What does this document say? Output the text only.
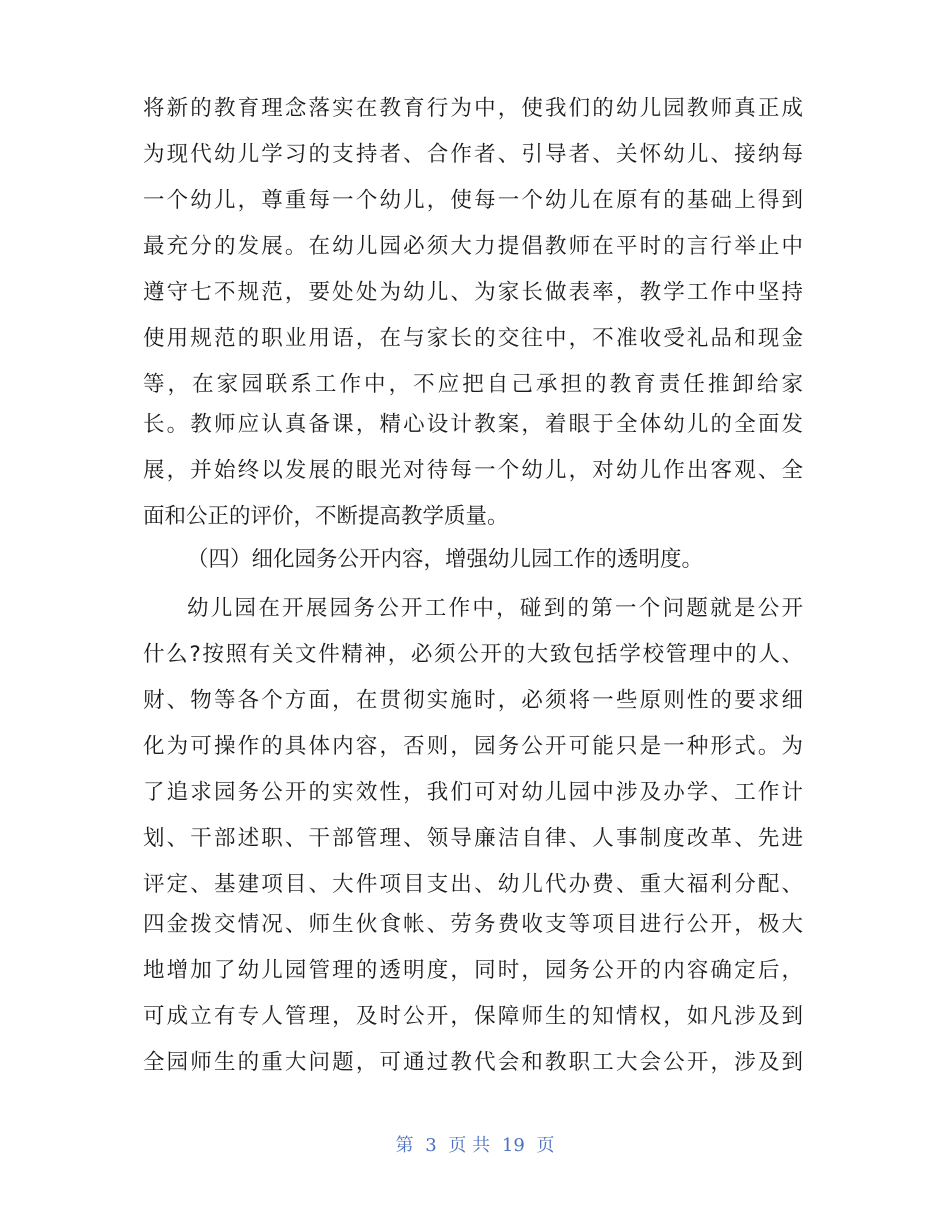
将新的教育理念落实在教育行为中，使我们的幼儿园教师真正成
为现代幼儿学习的支持者、合作者、引导者、关怀幼儿、接纳每
一个幼儿，尊重每一个幼儿，使每一个幼儿在原有的基础上得到
最充分的发展。在幼儿园必须大力提倡教师在平时的言行举止中
遵守七不规范，要处处为幼儿、为家长做表率，教学工作中坚持
使用规范的职业用语，在与家长的交往中，不准收受礼品和现金
等，在家园联系工作中，不应把自己承担的教育责任推卸给家
长。教师应认真备课，精心设计教案，着眼于全体幼儿的全面发
展，并始终以发展的眼光对待每一个幼儿，对幼儿作出客观、全
面和公正的评价，不断提高教学质量。
（四）细化园务公开内容，增强幼儿园工作的透明度。
幼儿园在开展园务公开工作中，碰到的第一个问题就是公开
什么?按照有关文件精神，必须公开的大致包括学校管理中的人、
财、物等各个方面，在贯彻实施时，必须将一些原则性的要求细
化为可操作的具体内容，否则，园务公开可能只是一种形式。为
了追求园务公开的实效性，我们可对幼儿园中涉及办学、工作计
划、干部述职、干部管理、领导廉洁自律、人事制度改革、先进
评定、基建项目、大件项目支出、幼儿代办费、重大福利分配、
四金拨交情况、师生伙食帐、劳务费收支等项目进行公开，极大
地增加了幼儿园管理的透明度，同时，园务公开的内容确定后，
可成立有专人管理，及时公开，保障师生的知情权，如凡涉及到
全园师生的重大问题，可通过教代会和教职工大会公开，涉及到
第 3 页 共 19 页
